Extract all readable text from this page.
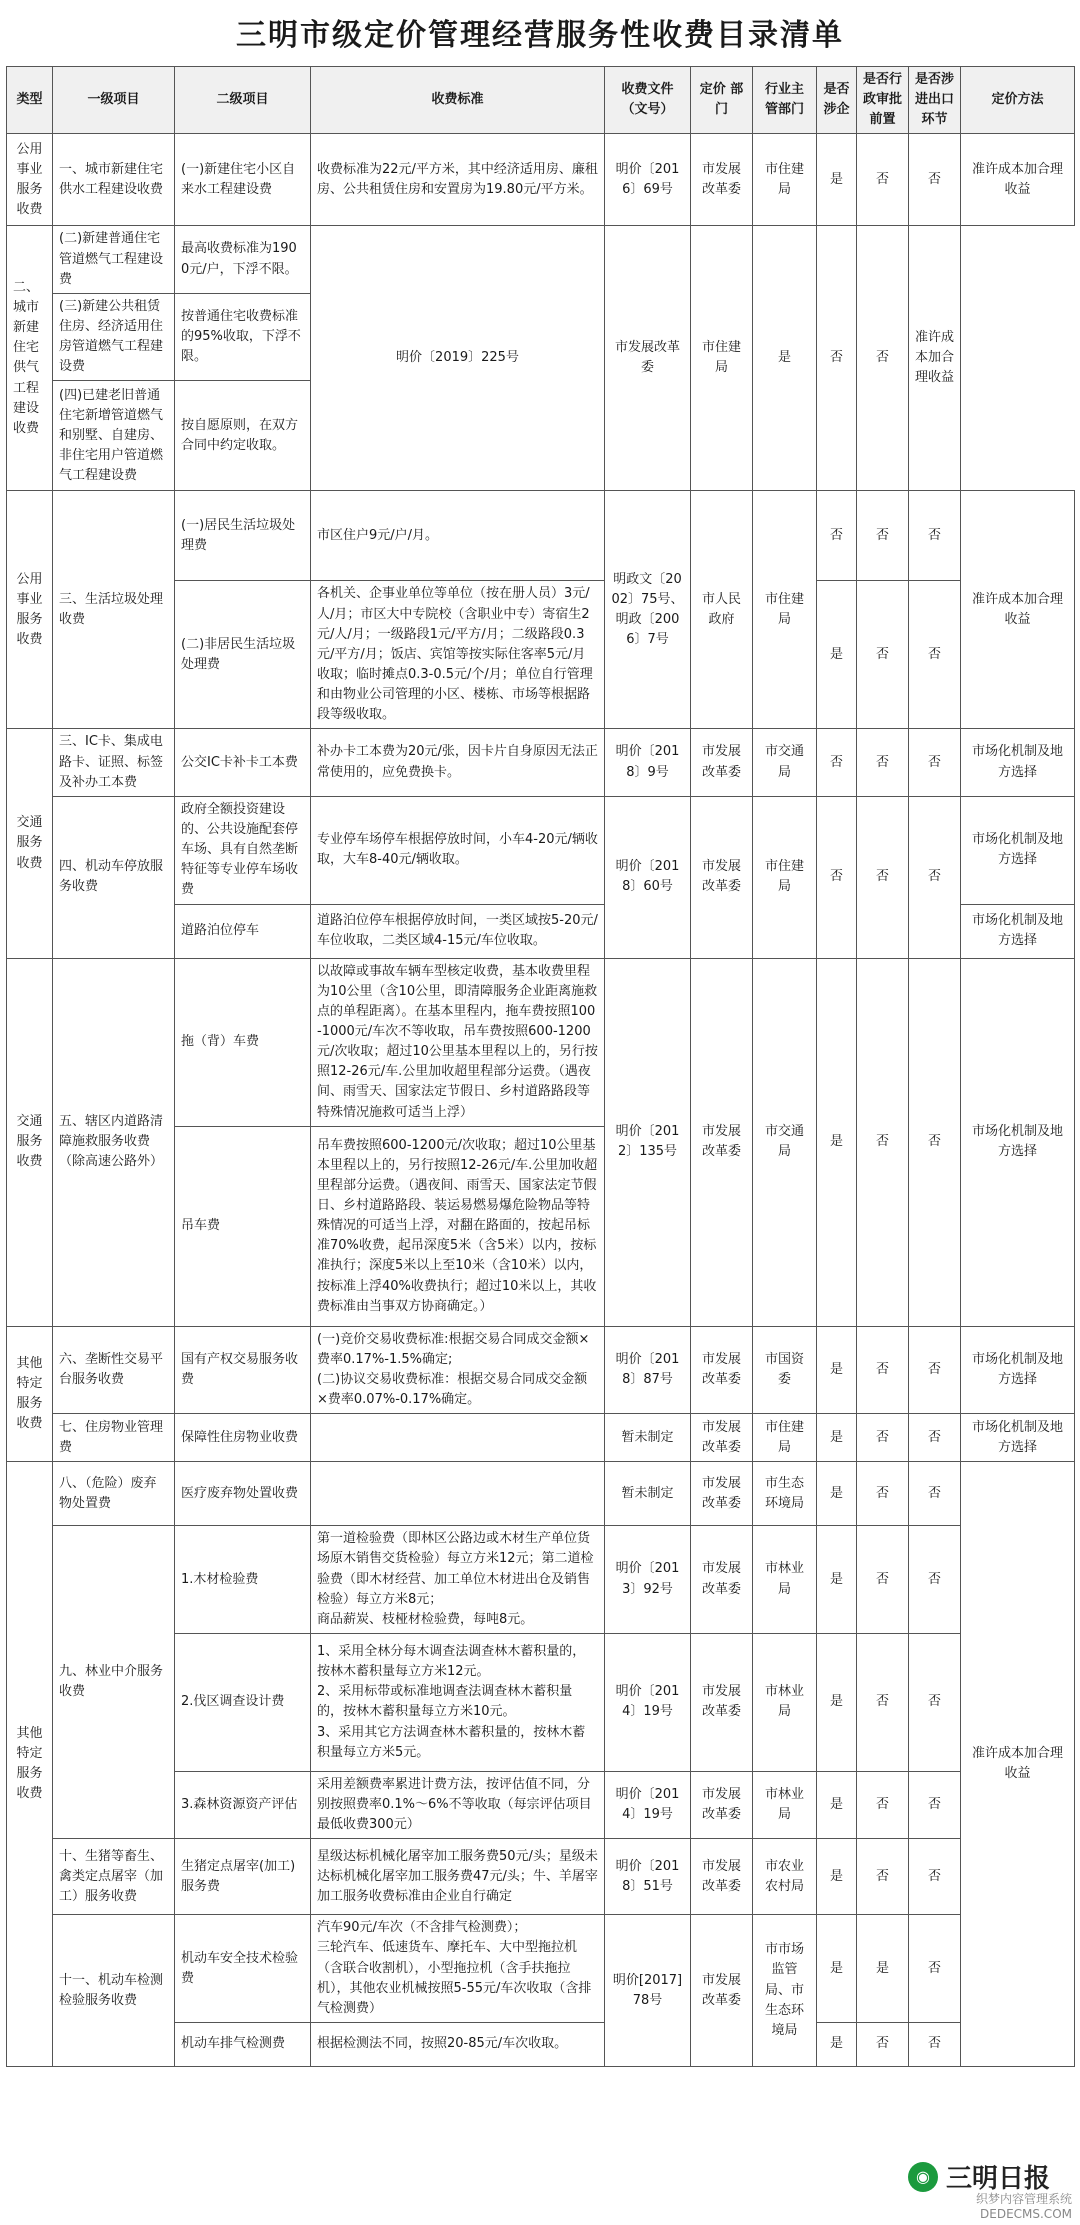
三明市级定价管理经营服务性收费目录清单
类型	一级项目	二级项目	收费标准	收费文件（文号）	定价 部门	行业主管部门	是否涉企	是否行政审批前置	是否涉进出口环节	定价方法
公用事业服务收费	一、城市新建住宅供水工程建设收费	(一)新建住宅小区自来水工程建设费	收费标准为22元/平方米，其中经济适用房、廉租房、公共租赁住房和安置房为19.80元/平方米。	明价〔2016〕69号	市发展改革委	市住建局	是	否	否	准许成本加合理收益
二、城市新建住宅供气工程建设收费	(二)新建普通住宅管道燃气工程建设费	最高收费标准为1900元/户，下浮不限。	明价〔2019〕225号	市发展改革委	市住建局	是	否	否	准许成本加合理收益	
	(三)新建公共租赁住房、经济适用住房管道燃气工程建设费	按普通住宅收费标准的95%收取，下浮不限。								
	(四)已建老旧普通住宅新增管道燃气和别墅、自建房、非住宅用户管道燃气工程建设费	按自愿原则，在双方合同中约定收取。								
公用事业服务收费	三、生活垃圾处理收费	(一)居民生活垃圾处理费	市区住户9元/户/月。	明政文〔2002〕75号、明政〔2006〕7号	市人民政府	市住建局	否	否	否	准许成本加合理收益
		(二)非居民生活垃圾处理费	各机关、企事业单位等单位（按在册人员）3元/人/月；市区大中专院校（含职业中专）寄宿生2元/人/月；一级路段1元/平方/月；二级路段0.3元/平方/月；饭店、宾馆等按实际住客率5元/月收取；临时摊点0.3-0.5元/个/月；单位自行管理和由物业公司管理的小区、楼栋、市场等根据路段等级收取。				是	否	否	
交通服务收费	三、IC卡、集成电路卡、证照、标签及补办工本费	公交IC卡补卡工本费	补办卡工本费为20元/张，因卡片自身原因无法正常使用的，应免费换卡。	明价〔2018〕9号	市发展改革委	市交通局	否	否	否	市场化机制及地方选择
	四、机动车停放服务收费	政府全额投资建设的、公共设施配套停车场、具有自然垄断特征等专业停车场收费	专业停车场停车根据停放时间，小车4-20元/辆收取，大车8-40元/辆收取。	明价〔2018〕60号	市发展改革委	市住建局	否	否	否	市场化机制及地方选择
		道路泊位停车	道路泊位停车根据停放时间，一类区域按5-20元/车位收取，二类区域4-15元/车位收取。							市场化机制及地方选择
交通服务收费	五、辖区内道路清障施救服务收费（除高速公路外）	拖（背）车费	以故障或事故车辆车型核定收费，基本收费里程为10公里（含10公里，即清障服务企业距离施救点的单程距离）。在基本里程内，拖车费按照100-1000元/车次不等收取，吊车费按照600-1200元/次收取；超过10公里基本里程以上的，另行按照12-26元/车.公里加收超里程部分运费。（遇夜间、雨雪天、国家法定节假日、乡村道路路段等特殊情况施救可适当上浮）	明价〔2012〕135号	市发展改革委	市交通局	是	否	否	市场化机制及地方选择
		吊车费	吊车费按照600-1200元/次收取；超过10公里基本里程以上的，另行按照12-26元/车.公里加收超里程部分运费。（遇夜间、雨雪天、国家法定节假日、乡村道路路段、装运易燃易爆危险物品等特殊情况的可适当上浮，对翻在路面的，按起吊标准70%收费，起吊深度5米（含5米）以内，按标准执行；深度5米以上至10米（含10米）以内，按标准上浮40%收费执行；超过10米以上，其收费标准由当事双方协商确定。）							
其他特定服务收费	六、垄断性交易平台服务收费	国有产权交易服务收费	(一)竞价交易收费标准:根据交易合同成交金额×费率0.17%-1.5%确定;
(二)协议交易收费标准：根据交易合同成交金额×费率0.07%-0.17%确定。	明价〔2018〕87号	市发展改革委	市国资委	是	否	否	市场化机制及地方选择
	七、住房物业管理费	保障性住房物业收费		暂未制定	市发展改革委	市住建局	是	否	否	市场化机制及地方选择
其他特定服务收费	八、（危险）废弃物处置费	医疗废弃物处置收费		暂未制定	市发展改革委	市生态环境局	是	否	否	准许成本加合理收益
	九、林业中介服务收费	1.木材检验费	第一道检验费（即林区公路边或木材生产单位货场原木销售交货检验）每立方米12元；第二道检验费（即木材经营、加工单位木材进出仓及销售检验）每立方米8元；
商品薪炭、枝桠材检验费，每吨8元。	明价〔2013〕92号	市发展改革委	市林业局	是	否	否	
		2.伐区调查设计费	1、采用全林分每木调查法调查林木蓄积量的，按林木蓄积量每立方米12元。
2、采用标带或标准地调查法调查林木蓄积量的，按林木蓄积量每立方米10元。
3、采用其它方法调查林木蓄积量的，按林木蓄积量每立方米5元。	明价〔2014〕19号	市发展改革委	市林业局	是	否	否	
		3.森林资源资产评估	采用差额费率累进计费方法，按评估值不同，分别按照费率0.1%～6%不等收取（每宗评估项目最低收费300元）	明价〔2014〕19号	市发展改革委	市林业局	是	否	否	
	十、生猪等畜生、禽类定点屠宰（加工）服务收费	生猪定点屠宰(加工)服务费	星级达标机械化屠宰加工服务费50元/头；星级未达标机械化屠宰加工服务费47元/头；牛、羊屠宰加工服务收费标准由企业自行确定	明价〔2018〕51号	市发展改革委	市农业农村局	是	否	否	
	十一、机动车检测检验服务收费	机动车安全技术检验费	汽车90元/车次（不含排气检测费）；
三轮汽车、低速货车、摩托车、大中型拖拉机（含联合收割机），小型拖拉机（含手扶拖拉机），其他农业机械按照5-55元/车次收取（含排气检测费）	明价[2017]78号	市发展改革委	市市场监管局、市生态环境局	是	是	否	
		机动车排气检测费	根据检测法不同，按照20-85元/车次收取。				是	否	否	
◉ 三明日报
织梦内容管理系统
DEDECMS.COM
